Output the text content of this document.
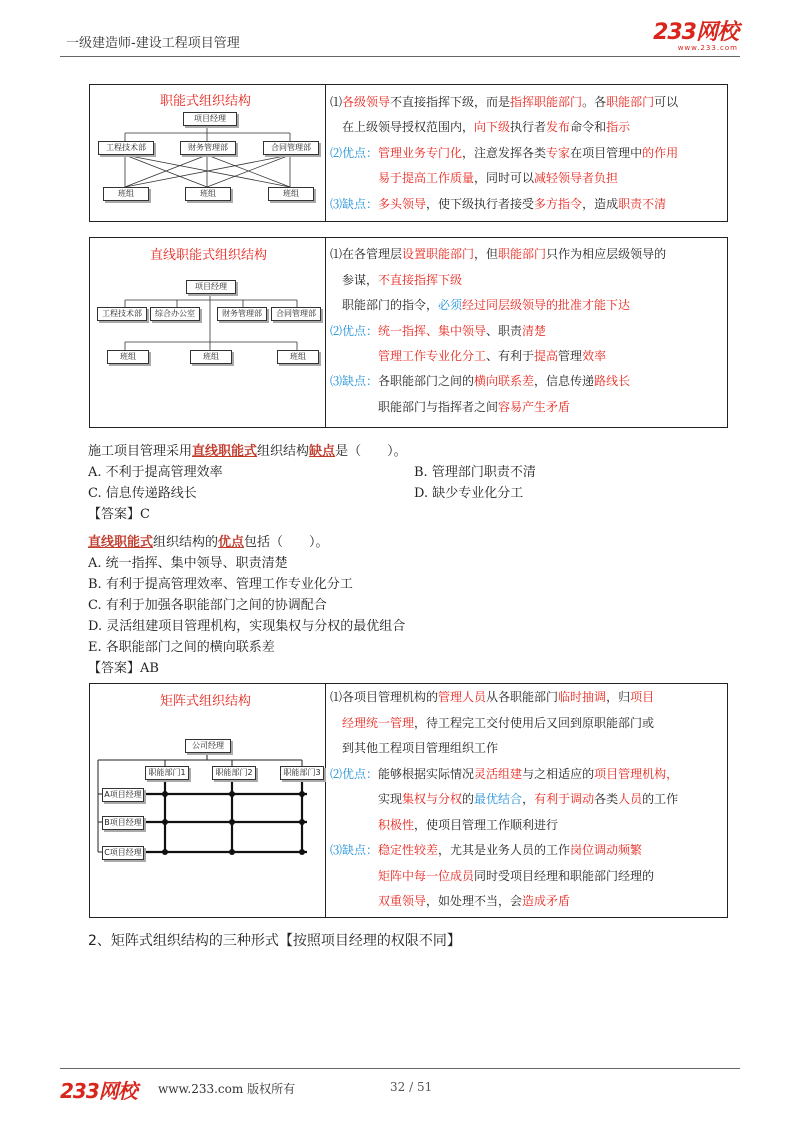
一级建造师-建设工程项目管理	233网校
www.233.com
职能式组织结构
项目经理
工程技术部	财务管理部	合同管理部
班组	班组	班组
⑴各级领导不直接指挥下级，而是指挥职能部门。各职能部门可以
在上级领导授权范围内，向下级执行者发布命令和指示
⑵优点：管理业务专门化，注意发挥各类专家在项目管理中的作用
易于提高工作质量，同时可以减轻领导者负担
⑶缺点：多头领导，使下级执行者接受多方指令，造成职责不清
直线职能式组织结构
项目经理
工程技术部	综合办公室	财务管理部	合同管理部
班组	班组	班组
⑴在各管理层设置职能部门，但职能部门只作为相应层级领导的
参谋，不直接指挥下级
职能部门的指令，必须经过同层级领导的批准才能下达
⑵优点：统一指挥、集中领导、职责清楚
管理工作专业化分工、有利于提高管理效率
⑶缺点：各职能部门之间的横向联系差，信息传递路线长
职能部门与指挥者之间容易产生矛盾
施工项目管理采用直线职能式组织结构缺点是（　　）。
A. 不利于提高管理效率	B. 管理部门职责不清
C. 信息传递路线长	D. 缺少专业化分工
【答案】C
直线职能式组织结构的优点包括（　　）。
A. 统一指挥、集中领导、职责清楚
B. 有利于提高管理效率、管理工作专业化分工
C. 有利于加强各职能部门之间的协调配合
D. 灵活组建项目管理机构，实现集权与分权的最优组合
E. 各职能部门之间的横向联系差
【答案】AB
矩阵式组织结构
公司经理
职能部门1	职能部门2	职能部门3
A项目经理
B项目经理
C项目经理
⑴各项目管理机构的管理人员从各职能部门临时抽调，归项目
经理统一管理，待工程完工交付使用后又回到原职能部门或
到其他工程项目管理组织工作
⑵优点：能够根据实际情况灵活组建与之相适应的项目管理机构，
实现集权与分权的最优结合，有利于调动各类人员的工作
积极性，使项目管理工作顺利进行
⑶缺点：稳定性较差，尤其是业务人员的工作岗位调动频繁
矩阵中每一位成员同时受项目经理和职能部门经理的
双重领导，如处理不当，会造成矛盾
2、矩阵式组织结构的三种形式【按照项目经理的权限不同】
233网校 www.233.com 版权所有	32 / 51
